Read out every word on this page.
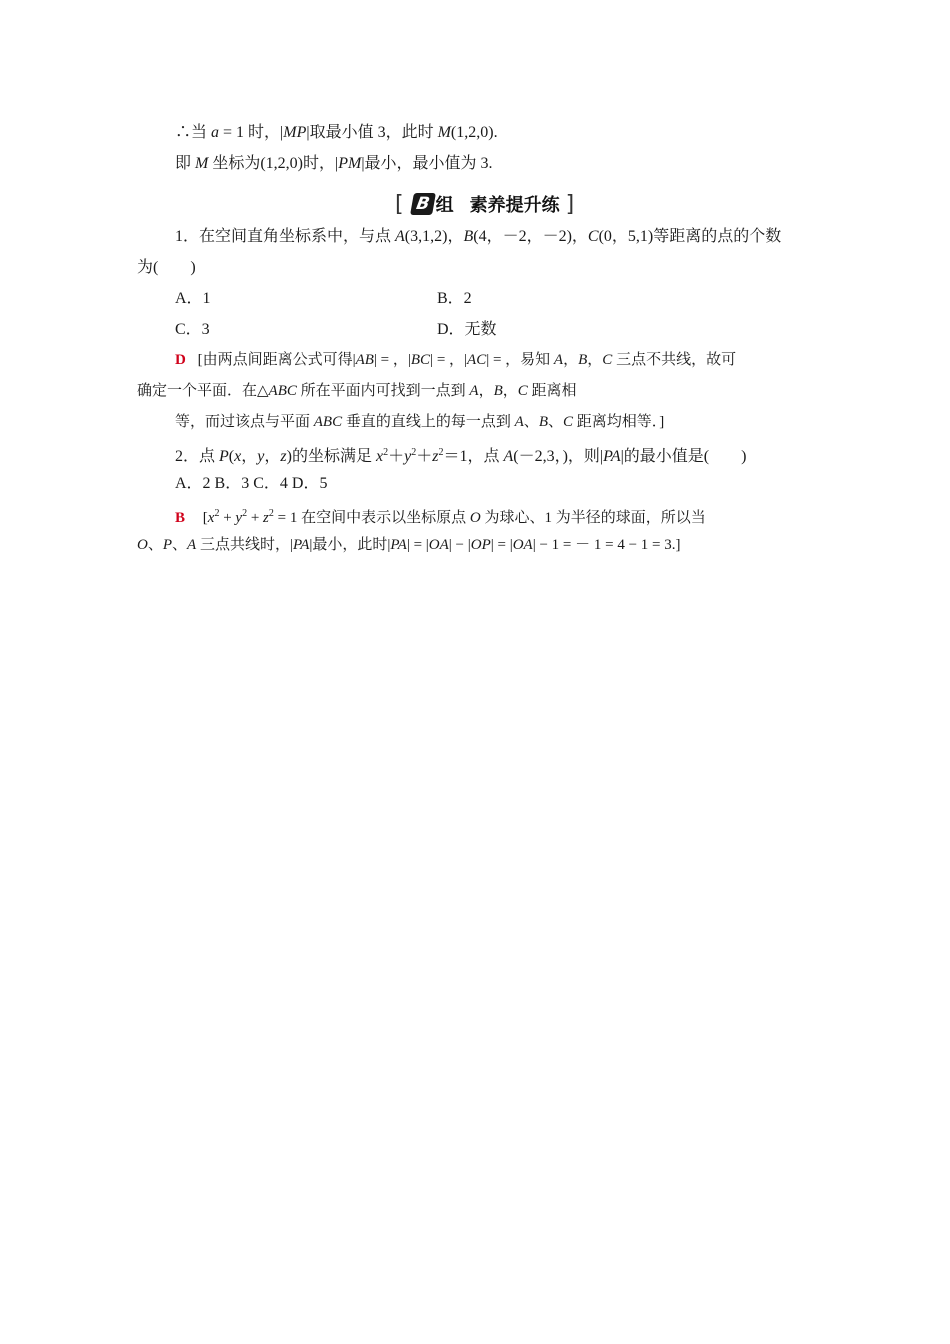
∴当 a = 1 时，|MP|取最小值 3，此时 M(1,2,0).
即 M 坐标为(1,2,0)时，|PM|最小，最小值为 3.
[ B 组 素养提升练 ]
1．在空间直角坐标系中，与点 A(3,1,2)，B(4，－2，－2)，C(0，5,1)等距离的点的个数
为(　　)
A．1	B．2
C．3	D．无数
D [由两点间距离公式可得|AB| = ，|BC| = ，|AC| = ，易知 A，B，C 三点不共线，故可
确定一个平面．在△ABC 所在平面内可找到一点到 A，B，C 距离相
等，而过该点与平面 ABC 垂直的直线上的每一点到 A、B、C 距离均相等．]
2．点 P(x，y，z)的坐标满足 $x^2+y^2+z^2=1$，点 A(－2,3，)，则|PA|的最小值是(　　)
A．2 B．3 C．4 D．5
B [$x^2 + y^2 + z^2 = 1$ 在空间中表示以坐标原点 O 为球心、1 为半径的球面，所以当
O、P、A 三点共线时，|PA|最小，此时|PA| = |OA| − |OP| = |OA| − 1 = － 1 = 4 − 1 = 3.]
